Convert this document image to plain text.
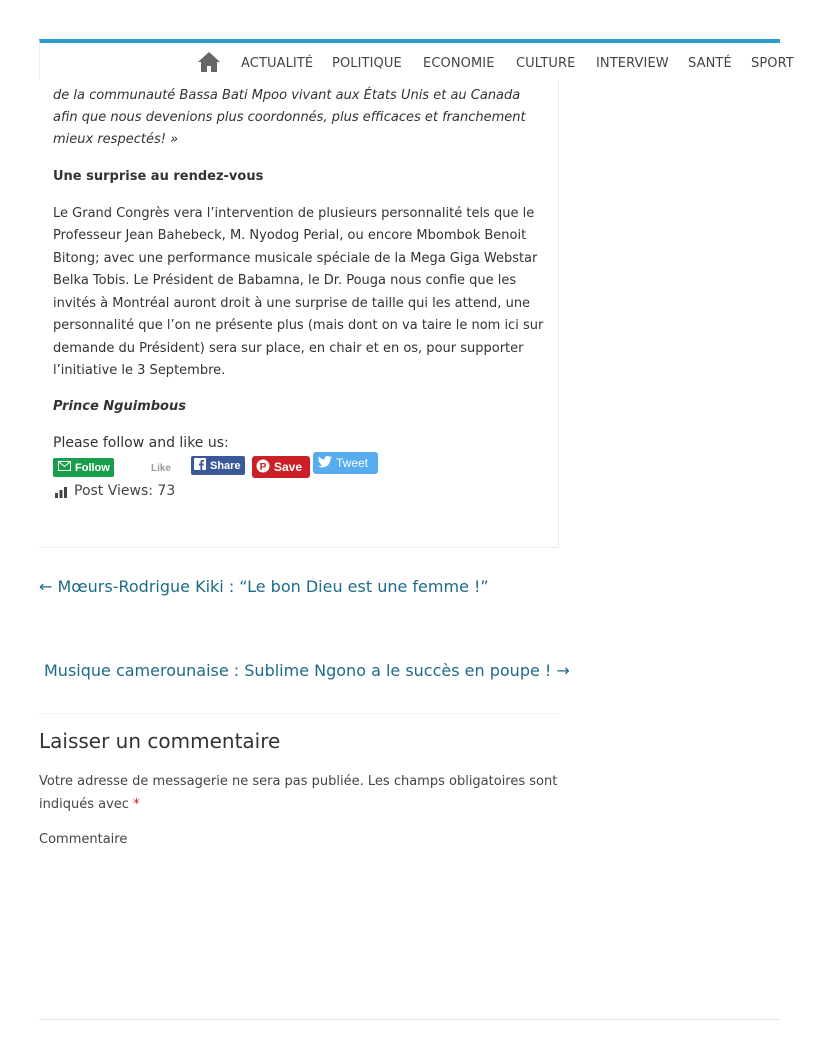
ACTUALITÉ POLITIQUE ECONOMIE CULTURE INTERVIEW SANTÉ SPORT
de la communauté Bassa Bati Mpoo vivant aux États Unis et au Canada
afin que nous devenions plus coordonnés, plus efficaces et franchement
mieux respectés! »
Une surprise au rendez-vous
Le Grand Congrès vera l’intervention de plusieurs personnalité tels que le
Professeur Jean Bahebeck, M. Nyodog Perial, ou encore Mbombok Benoit
Bitong; avec une performance musicale spéciale de la Mega Giga Webstar
Belka Tobis. Le Président de Babamna, le Dr. Pouga nous confie que les
invités à Montréal auront droit à une surprise de taille qui les attend, une
personnalité que l’on ne présente plus (mais dont on va taire le nom ici sur
demande du Président) sera sur place, en chair et en os, pour supporter
l’initiative le 3 Septembre.
Prince Nguimbous
Please follow and like us:
Follow	Like	Share P Save	Tweet
Post Views: 73
← Mœurs-Rodrigue Kiki : “Le bon Dieu est une femme !”
Musique camerounaise : Sublime Ngono a le succès en poupe ! →
Laisser un commentaire
Votre adresse de messagerie ne sera pas publiée. Les champs obligatoires sont
indiqués avec *
Commentaire
